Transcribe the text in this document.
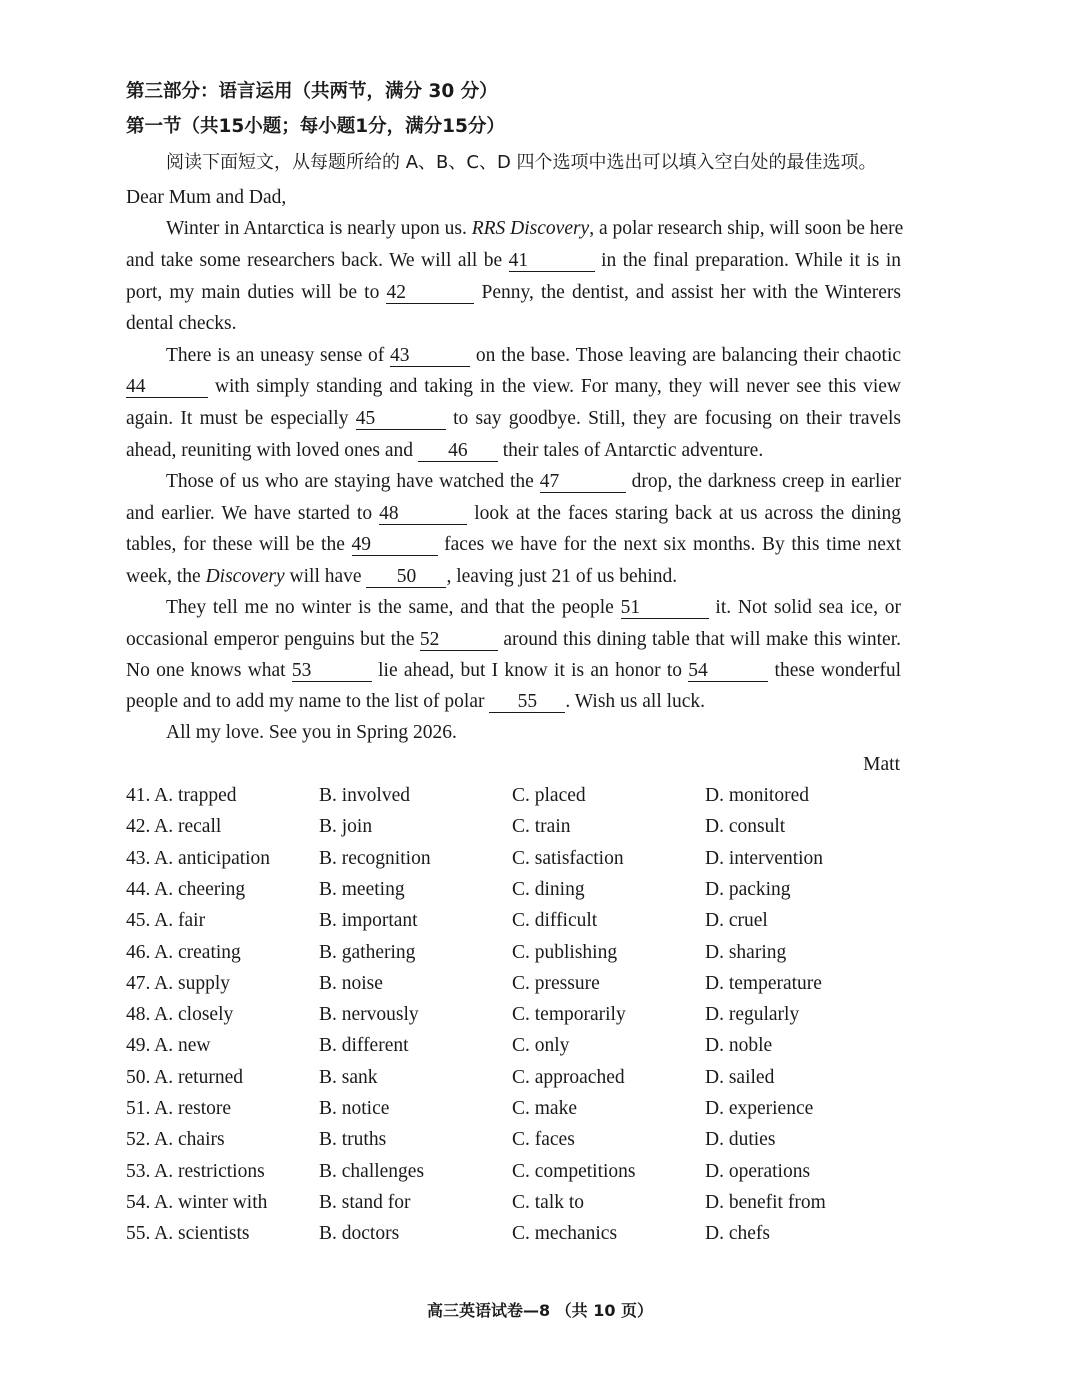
第三部分：语言运用（共两节，满分 30 分）
第一节（共15小题；每小题1分，满分15分）
阅读下面短文，从每题所给的 A、B、C、D 四个选项中选出可以填入空白处的最佳选项。
Dear Mum and Dad,
Winter in Antarctica is nearly upon us. RRS Discovery, a polar research ship, will soon be here
and take some researchers back. We will all be 41	in the final preparation. While it is in
port, my main duties will be to 42	Penny, the dentist, and assist her with the Winterers
dental checks.
There is an uneasy sense of 43	on the base. Those leaving are balancing their chaotic
44	with simply standing and taking in the view. For many, they will never see this view
again. It must be especially 45	to say goodbye. Still, they are focusing on their travels
ahead, reuniting with loved ones and 46 their tales of Antarctic adventure.
Those of us who are staying have watched the 47	drop, the darkness creep in earlier
and earlier. We have started to 48	look at the faces staring back at us across the dining
tables, for these will be the 49	faces we have for the next six months. By this time next
week, the Discovery will have 50 , leaving just 21 of us behind.
They tell me no winter is the same, and that the people 51	it. Not solid sea ice, or
occasional emperor penguins but the 52	around this dining table that will make this winter.
No one knows what 53	lie ahead, but I know it is an honor to 54	these wonderful
people and to add my name to the list of polar 55 . Wish us all luck.
All my love. See you in Spring 2026.
Matt
41. A. trapped	B. involved	C. placed	D. monitored
42. A. recall	B. join	C. train	D. consult
43. A. anticipation	B. recognition	C. satisfaction	D. intervention
44. A. cheering	B. meeting	C. dining	D. packing
45. A. fair	B. important	C. difficult	D. cruel
46. A. creating	B. gathering	C. publishing	D. sharing
47. A. supply	B. noise	C. pressure	D. temperature
48. A. closely	B. nervously	C. temporarily	D. regularly
49. A. new	B. different	C. only	D. noble
50. A. returned	B. sank	C. approached	D. sailed
51. A. restore	B. notice	C. make	D. experience
52. A. chairs	B. truths	C. faces	D. duties
53. A. restrictions	B. challenges	C. competitions	D. operations
54. A. winter with	B. stand for	C. talk to	D. benefit from
55. A. scientists	B. doctors	C. mechanics	D. chefs
高三英语试卷—8 （共 10 页）
